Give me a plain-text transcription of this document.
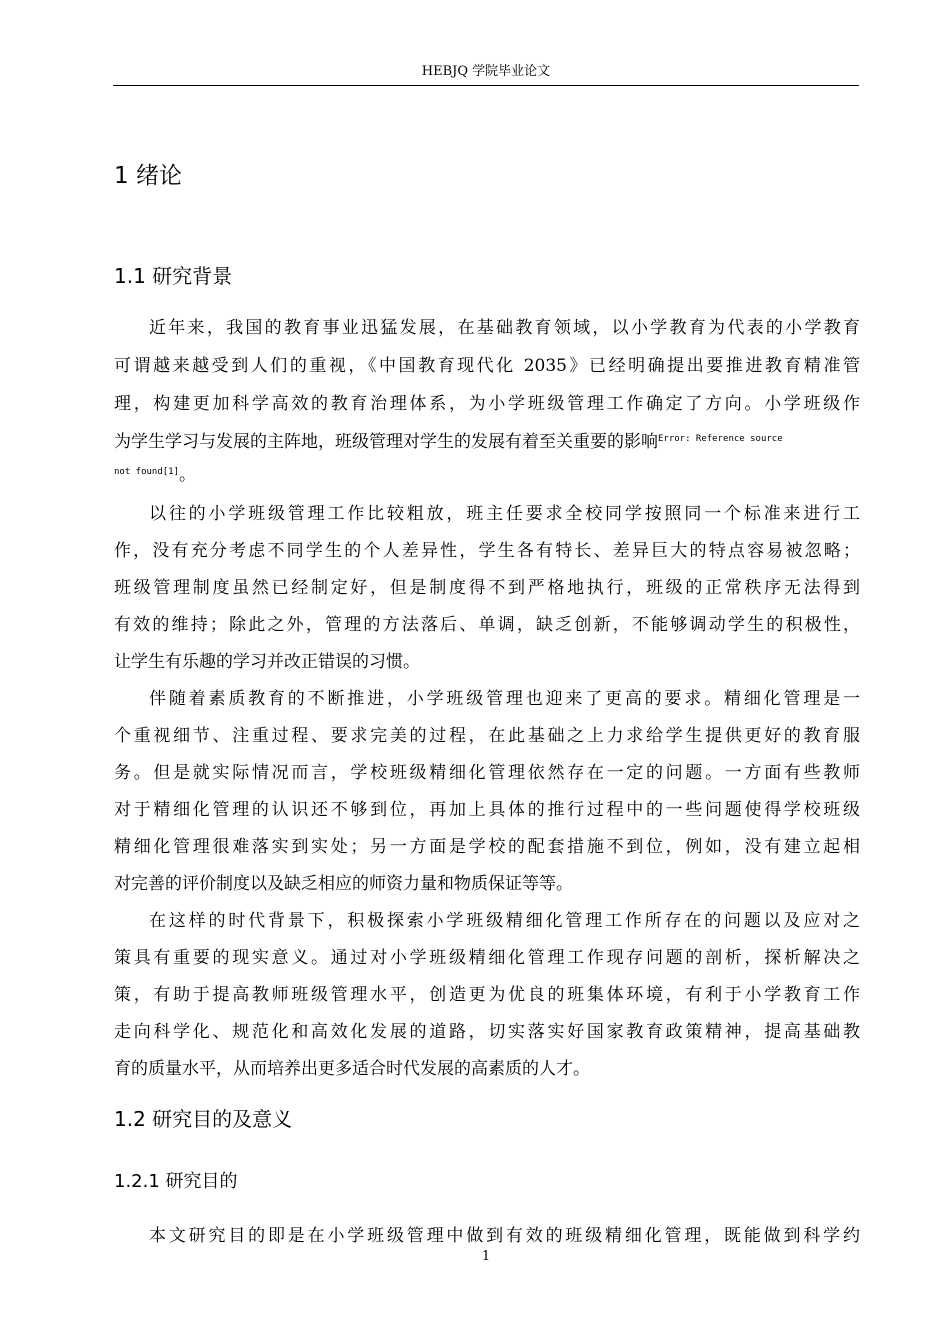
HEBJQ 学院毕业论文
1 绪论
1.1 研究背景
近年来，我国的教育事业迅猛发展，在基础教育领域，以小学教育为代表的小学教育
可谓越来越受到人们的重视，《中国教育现代化 2035》已经明确提出要推进教育精准管
理，构建更加科学高效的教育治理体系，为小学班级管理工作确定了方向。小学班级作
为学生学习与发展的主阵地，班级管理对学生的发展有着至关重要的影响$^{Error: Reference source}$
not found[1]。
以往的小学班级管理工作比较粗放，班主任要求全校同学按照同一个标准来进行工
作，没有充分考虑不同学生的个人差异性，学生各有特长、差异巨大的特点容易被忽略；
班级管理制度虽然已经制定好，但是制度得不到严格地执行，班级的正常秩序无法得到
有效的维持；除此之外，管理的方法落后、单调，缺乏创新，不能够调动学生的积极性，
让学生有乐趣的学习并改正错误的习惯。
伴随着素质教育的不断推进，小学班级管理也迎来了更高的要求。精细化管理是一
个重视细节、注重过程、要求完美的过程，在此基础之上力求给学生提供更好的教育服
务。但是就实际情况而言，学校班级精细化管理依然存在一定的问题。一方面有些教师
对于精细化管理的认识还不够到位，再加上具体的推行过程中的一些问题使得学校班级
精细化管理很难落实到实处；另一方面是学校的配套措施不到位，例如，没有建立起相
对完善的评价制度以及缺乏相应的师资力量和物质保证等等。
在这样的时代背景下，积极探索小学班级精细化管理工作所存在的问题以及应对之
策具有重要的现实意义。通过对小学班级精细化管理工作现存问题的剖析，探析解决之
策，有助于提高教师班级管理水平，创造更为优良的班集体环境，有利于小学教育工作
走向科学化、规范化和高效化发展的道路，切实落实好国家教育政策精神，提高基础教
育的质量水平，从而培养出更多适合时代发展的高素质的人才。
1.2 研究目的及意义
1.2.1 研究目的
本文研究目的即是在小学班级管理中做到有效的班级精细化管理，既能做到科学约
1
